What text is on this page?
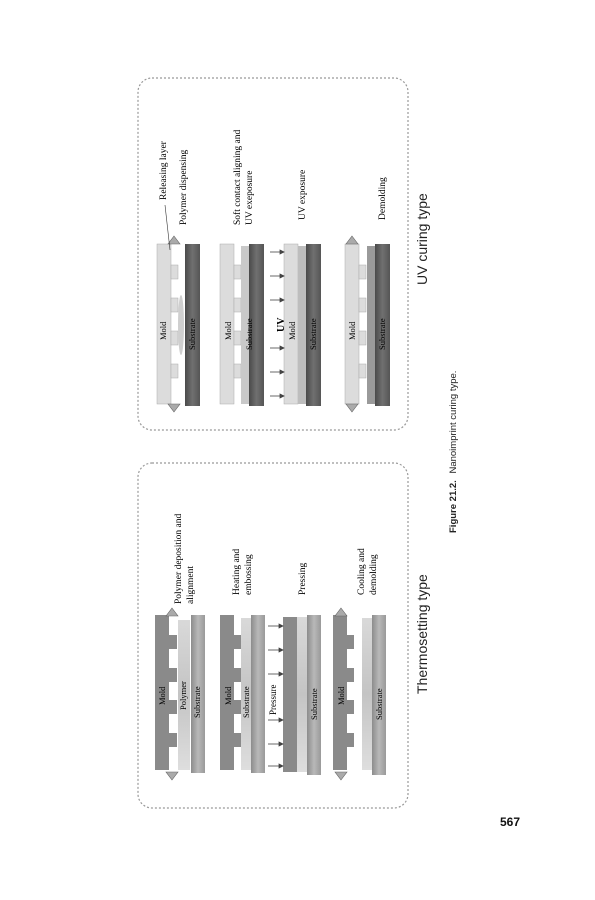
Thermosetting type
Mold Polymer Substrate
Polymer deposition and alignment
Mold Substrate
Heating and embossing
Pressure	Substrate
Pressing
Mold	Substrate
Cooling and demolding
UV curing type
Mold Substrate
Releasing layer Polymer dispensing
Mold Substrate
Soft contact aligning and UV exeposure
UV Mold Substrate
UV exposure
Mold Substrate
Demolding
Figure 21.2. Nanoimprint curing type.
567
